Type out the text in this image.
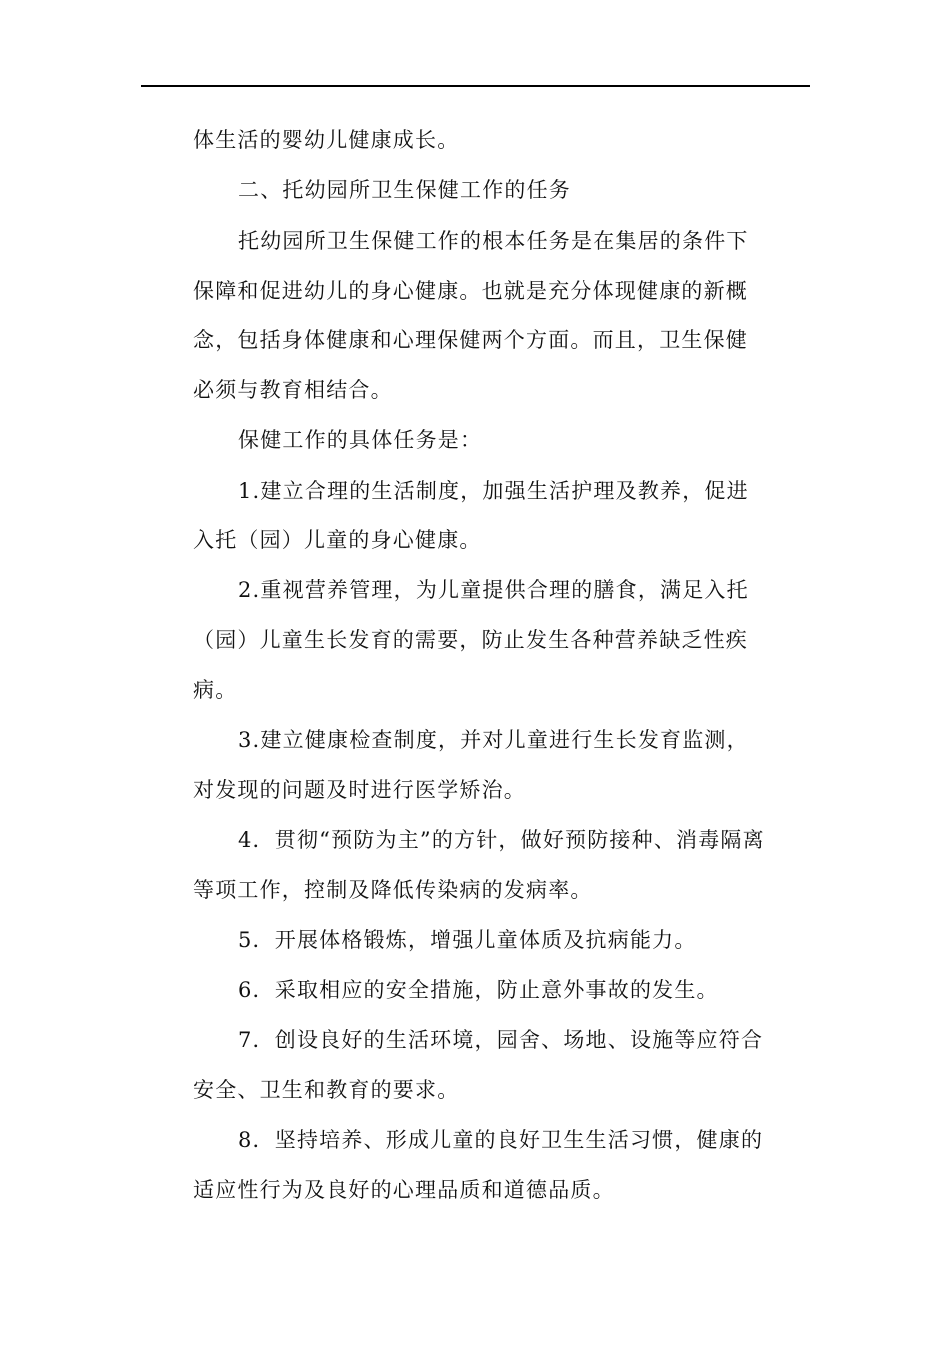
体生活的婴幼儿健康成长。
二、托幼园所卫生保健工作的任务
托幼园所卫生保健工作的根本任务是在集居的条件下
保障和促进幼儿的身心健康。也就是充分体现健康的新概
念，包括身体健康和心理保健两个方面。而且，卫生保健
必须与教育相结合。
保健工作的具体任务是：
1.建立合理的生活制度，加强生活护理及教养，促进
入托（园）儿童的身心健康。
2.重视营养管理，为儿童提供合理的膳食，满足入托
（园）儿童生长发育的需要，防止发生各种营养缺乏性疾
病。
3.建立健康检查制度，并对儿童进行生长发育监测，
对发现的问题及时进行医学矫治。
4．贯彻“预防为主”的方针，做好预防接种、消毒隔离
等项工作，控制及降低传染病的发病率。
5．开展体格锻炼，增强儿童体质及抗病能力。
6．采取相应的安全措施，防止意外事故的发生。
7．创设良好的生活环境，园舍、场地、设施等应符合
安全、卫生和教育的要求。
8．坚持培养、形成儿童的良好卫生生活习惯，健康的
适应性行为及良好的心理品质和道德品质。
